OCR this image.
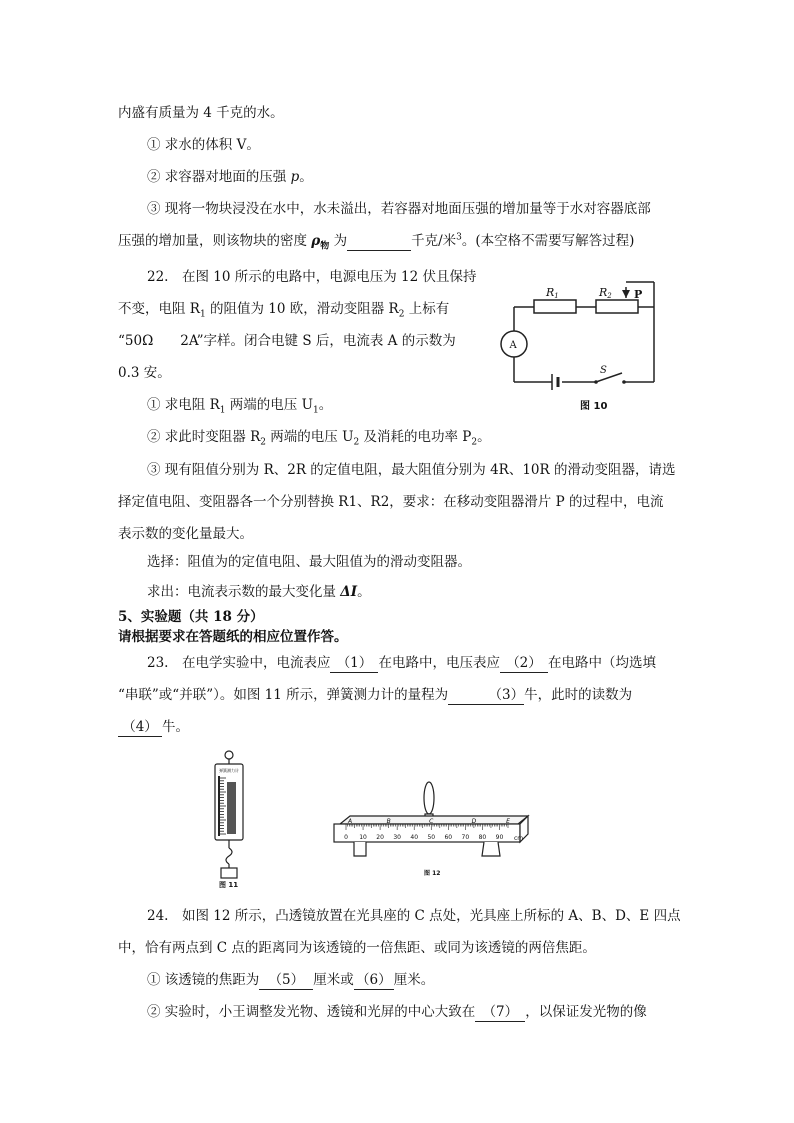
内盛有质量为 4 千克的水。
① 求水的体积 V。
② 求容器对地面的压强 p。
③ 现将一物块浸没在水中，水未溢出，若容器对地面压强的增加量等于水对容器底部
压强的增加量，则该物块的密度 $\rho_物$ 为	千克/米$^3$。(本空格不需要写解答过程)
22.　在图 10 所示的电路中，电源电压为 12 伏且保持
不变，电阻 $R_1$ 的阻值为 10 欧，滑动变阻器 $R_2$ 上标有
“50Ω　　2A”字样。闭合电键 S 后，电流表 A 的示数为
0.3 安。
R1	R2 P
A
S
图 10
① 求电阻 $R_1$ 两端的电压 $U_1$。
② 求此时变阻器 $R_2$ 两端的电压 $U_2$ 及消耗的电功率 $P_2$。
③ 现有阻值分别为 R、2R 的定值电阻，最大阻值分别为 4R、10R 的滑动变阻器，请选
择定值电阻、变阻器各一个分别替换 R1、R2，要求：在移动变阻器滑片 P 的过程中，电流
表示数的变化量最大。
选择：阻值为的定值电阻、最大阻值为的滑动变阻器。
求出：电流表示数的最大变化量 ΔI。
5、实验题（共 18 分）
请根据要求在答题纸的相应位置作答。
23.　在电学实验中，电流表应 （1） 在电路中，电压表应 （2） 在电路中（均选填
“串联”或“并联”）。如图 11 所示，弹簧测力计的量程为	（3）牛，此时的读数为
（4） 牛。
弹簧测力计
图 11
0 10 20 30 40 50 60 70 80 90
A	B	C	D	E
cm
图 12
24.　如图 12 所示，凸透镜放置在光具座的 C 点处，光具座上所标的 A、B、D、E 四点
中，恰有两点到 C 点的距离同为该透镜的一倍焦距、或同为该透镜的两倍焦距。
① 该透镜的焦距为 （5） 厘米或 （6） 厘米。
② 实验时，小王调整发光物、透镜和光屏的中心大致在 （7） ，以保证发光物的像
